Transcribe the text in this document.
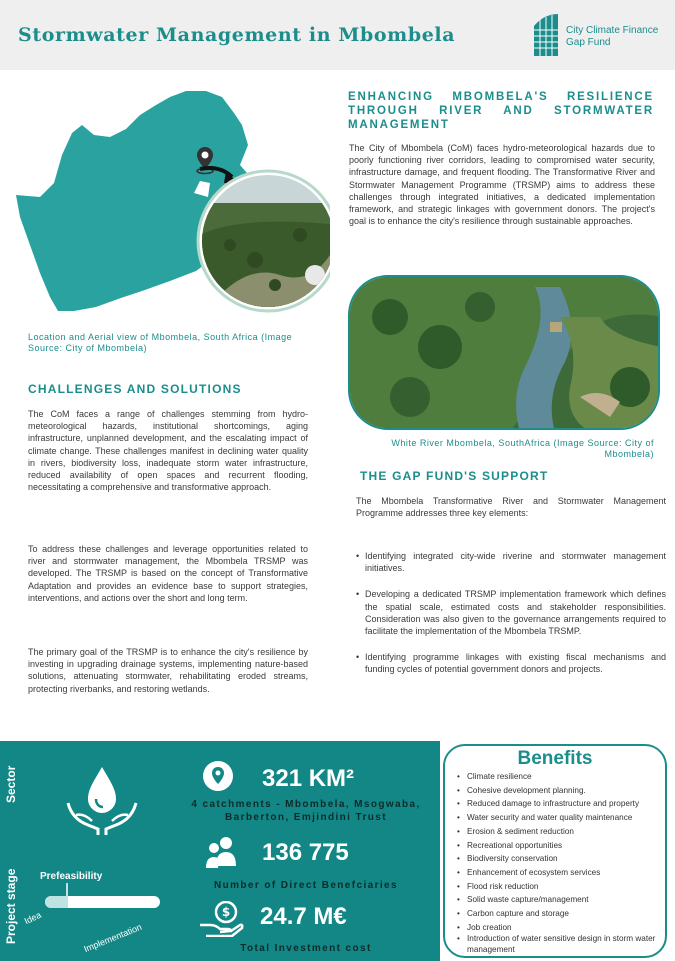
Stormwater Management in Mbombela	City Climate Finance Gap Fund
Location and Aerial view of Mbombela, South Africa (Image Source: City of Mbombela)
ENHANCING MBOMBELA'S RESILIENCE THROUGH RIVER AND STORMWATER MANAGEMENT
The City of Mbombela (CoM) faces hydro-meteorological hazards due to poorly functioning river corridors, leading to compromised water security, infrastructure damage, and frequent flooding. The Transformative River and Stormwater Management Programme (TRSMP) aims to address these challenges through integrated initiatives, a dedicated implementation framework, and strategic linkages with government donors. The project's goal is to enhance the city's resilience through sustainable approaches.
White River Mbombela, SouthAfrica (Image Source: City of Mbombela)
CHALLENGES AND SOLUTIONS
The CoM faces a range of challenges stemming from hydro-meteorological hazards, institutional shortcomings, aging infrastructure, unplanned development, and the escalating impact of climate change. These challenges manifest in declining water quality in rivers, biodiversity loss, inadequate storm water infrastructure, reduced availability of open spaces and recurrent flooding, necessitating a comprehensive and transformative approach.
To address these challenges and leverage opportunities related to river and stormwater management, the Mbombela TRSMP was developed. The TRSMP is based on the concept of Transformative Adaptation and provides an evidence base to support strategies, interventions, and actions over the short and long term.
The primary goal of the TRSMP is to enhance the city's resilience by investing in upgrading drainage systems, implementing nature-based solutions, attenuating stormwater, rehabilitating eroded streams, protecting riverbanks, and restoring wetlands.
THE GAP FUND'S SUPPORT
The Mbombela Transformative River and Stormwater Management Programme addresses three key elements:
• Identifying integrated city-wide riverine and stormwater management initiatives.
• Developing a dedicated TRSMP implementation framework which defines the spatial scale, estimated costs and stakeholder responsibilities. Consideration was also given to the governance arrangements required to facilitate the implementation of the Mbombela TRSMP.
• Identifying programme linkages with existing fiscal mechanisms and funding cycles of potential government donors and projects.
Sector
Project stage Prefeasibility
Idea
Implementation
321 KM²
4 catchments - Mbombela, Msogwaba, Barberton, Emjindini Trust
136 775
Number of Direct Benefciaries
$ 24.7 M€
Total Investment cost
Benefits
• Climate resilience
• Cohesive development planning.
• Reduced damage to infrastructure and property
• Water security and water quality maintenance
• Erosion & sediment reduction
• Recreational opportunities
• Biodiversity conservation
• Enhancement of ecosystem services
• Flood risk reduction
• Solid waste capture/management
• Carbon capture and storage
• Job creation
• Introduction of water sensitive design in storm water management
